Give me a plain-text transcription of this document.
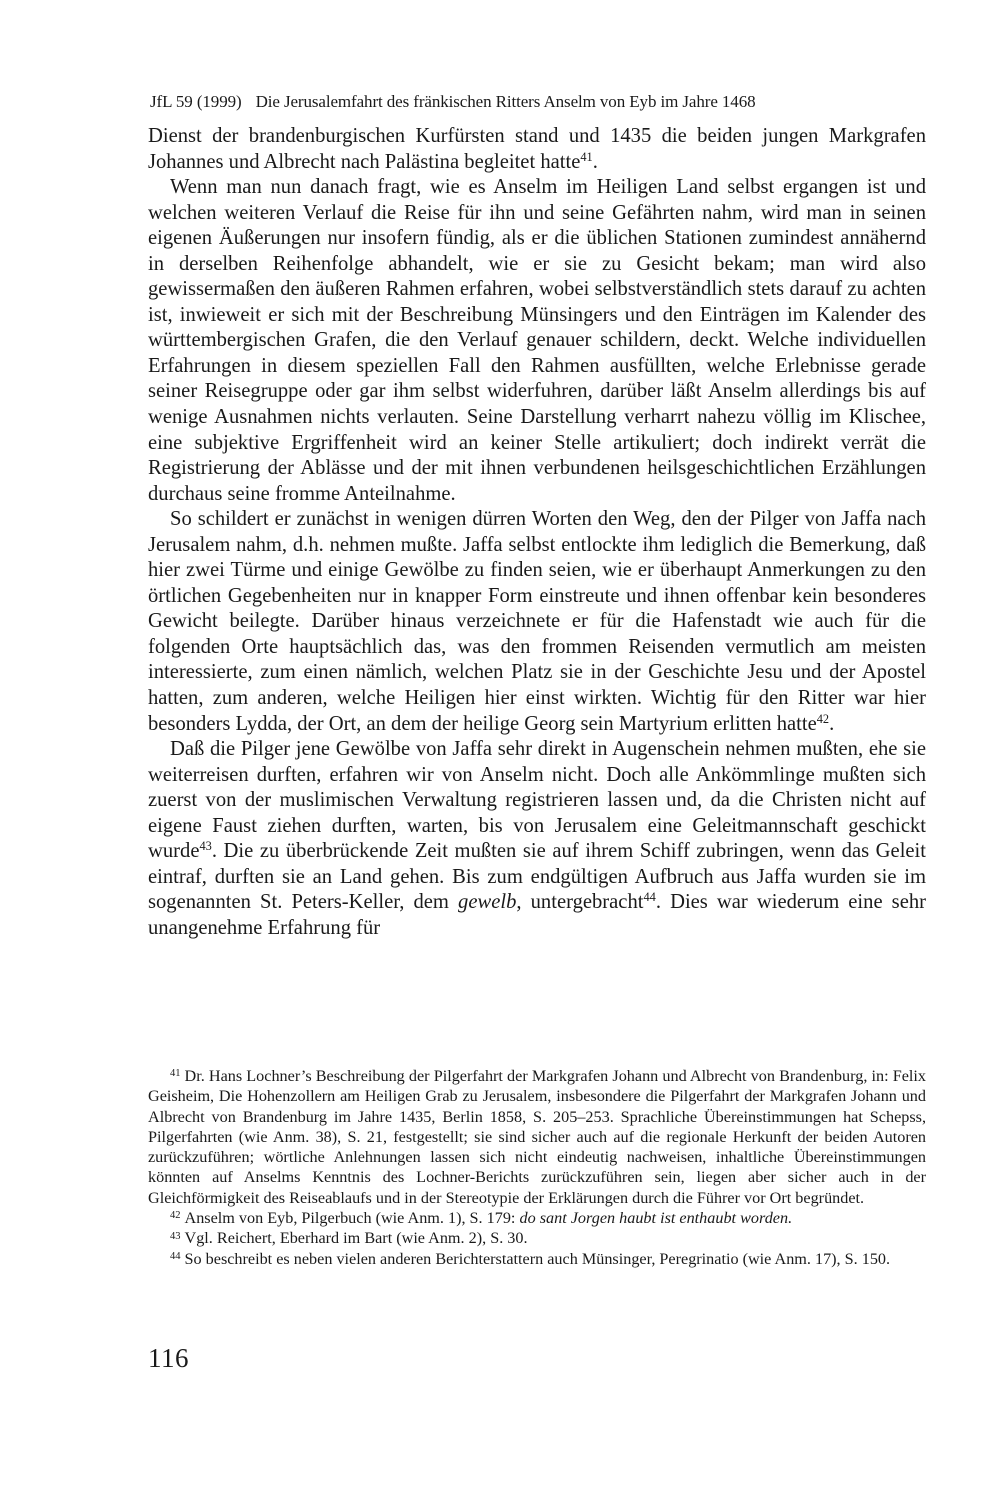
JfL 59 (1999) Die Jerusalemfahrt des fränkischen Ritters Anselm von Eyb im Jahre 1468

Dienst der brandenburgischen Kurfürsten stand und 1435 die beiden jungen Markgrafen Johannes und Albrecht nach Palästina begleitet hatte$^{41}$.

Wenn man nun danach fragt, wie es Anselm im Heiligen Land selbst ergangen ist und welchen weiteren Verlauf die Reise für ihn und seine Gefährten nahm, wird man in seinen eigenen Äußerungen nur insofern fündig, als er die üblichen Stationen zumindest annähernd in derselben Reihenfolge abhandelt, wie er sie zu Gesicht bekam; man wird also gewissermaßen den äußeren Rahmen erfahren, wobei selbstverständlich stets darauf zu achten ist, inwieweit er sich mit der Beschreibung Münsingers und den Einträgen im Kalender des württembergischen Grafen, die den Verlauf genauer schildern, deckt. Welche individuellen Erfahrungen in diesem speziellen Fall den Rahmen ausfüllten, welche Erlebnisse gerade seiner Reisegruppe oder gar ihm selbst widerfuhren, darüber läßt Anselm allerdings bis auf wenige Ausnahmen nichts verlauten. Seine Darstellung verharrt nahezu völlig im Klischee, eine subjektive Ergriffenheit wird an keiner Stelle artikuliert; doch indirekt verrät die Registrierung der Ablässe und der mit ihnen verbundenen heilsgeschichtlichen Erzählungen durchaus seine fromme Anteilnahme.

So schildert er zunächst in wenigen dürren Worten den Weg, den der Pilger von Jaffa nach Jerusalem nahm, d.h. nehmen mußte. Jaffa selbst entlockte ihm lediglich die Bemerkung, daß hier zwei Türme und einige Gewölbe zu finden seien, wie er überhaupt Anmerkungen zu den örtlichen Gegebenheiten nur in knapper Form einstreute und ihnen offenbar kein besonderes Gewicht beilegte. Darüber hinaus verzeichnete er für die Hafenstadt wie auch für die folgenden Orte hauptsächlich das, was den frommen Reisenden vermutlich am meisten interessierte, zum einen nämlich, welchen Platz sie in der Geschichte Jesu und der Apostel hatten, zum anderen, welche Heiligen hier einst wirkten. Wichtig für den Ritter war hier besonders Lydda, der Ort, an dem der heilige Georg sein Martyrium erlitten hatte$^{42}$.

Daß die Pilger jene Gewölbe von Jaffa sehr direkt in Augenschein nehmen mußten, ehe sie weiterreisen durften, erfahren wir von Anselm nicht. Doch alle Ankömmlinge mußten sich zuerst von der muslimischen Verwaltung registrieren lassen und, da die Christen nicht auf eigene Faust ziehen durften, warten, bis von Jerusalem eine Geleitmannschaft geschickt wurde$^{43}$. Die zu überbrückende Zeit mußten sie auf ihrem Schiff zubringen, wenn das Geleit eintraf, durften sie an Land gehen. Bis zum endgültigen Aufbruch aus Jaffa wurden sie im sogenannten St. Peters-Keller, dem gewelb, untergebracht$^{44}$. Dies war wiederum eine sehr unangenehme Erfahrung für

$^{41}$ Dr. Hans Lochner’s Beschreibung der Pilgerfahrt der Markgrafen Johann und Albrecht von Brandenburg, in: Felix Geisheim, Die Hohenzollern am Heiligen Grab zu Jerusalem, insbesondere die Pilgerfahrt der Markgrafen Johann und Albrecht von Brandenburg im Jahre 1435, Berlin 1858, S. 205–253. Sprachliche Übereinstimmungen hat Schepss, Pilgerfahrten (wie Anm. 38), S. 21, festgestellt; sie sind sicher auch auf die regionale Herkunft der beiden Autoren zurückzuführen; wörtliche Anlehnungen lassen sich nicht eindeutig nachweisen, inhaltliche Übereinstimmungen könnten auf Anselms Kenntnis des Lochner-Berichts zurückzuführen sein, liegen aber sicher auch in der Gleichförmigkeit des Reiseablaufs und in der Stereotypie der Erklärungen durch die Führer vor Ort begründet.

$^{42}$ Anselm von Eyb, Pilgerbuch (wie Anm. 1), S. 179: do sant Jorgen haubt ist enthaubt worden.

$^{43}$ Vgl. Reichert, Eberhard im Bart (wie Anm. 2), S. 30.

$^{44}$ So beschreibt es neben vielen anderen Berichterstattern auch Münsinger, Peregrinatio (wie Anm. 17), S. 150.

116
